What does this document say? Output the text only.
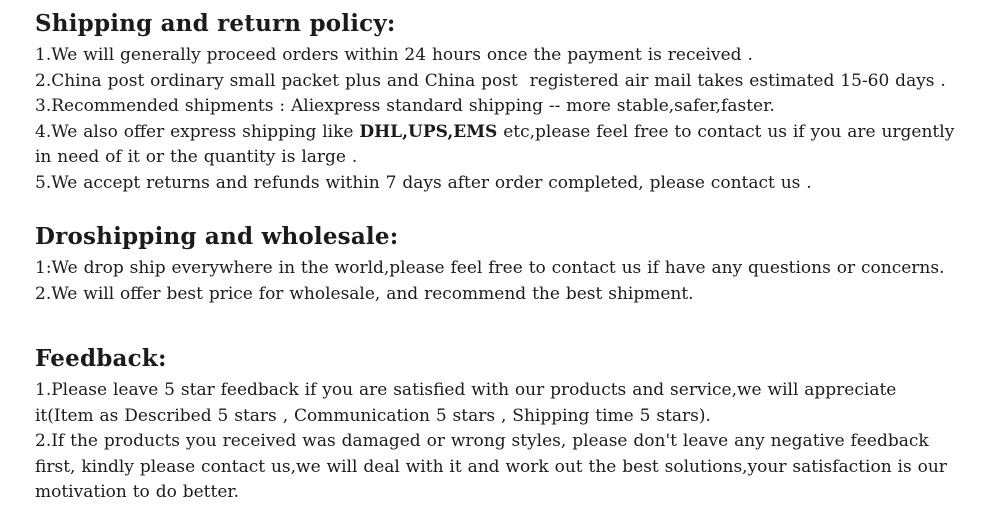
Shipping and return policy:

1.We will generally proceed orders within 24 hours once the payment is received .

2.China post ordinary small packet plus and China post  registered air mail takes estimated 15-60 days .

3.Recommended shipments : Aliexpress standard shipping -- more stable,safer,faster.

4.We also offer express shipping like DHL,UPS,EMS etc,please feel free to contact us if you are urgently in need of it or the quantity is large .

5.We accept returns and refunds within 7 days after order completed, please contact us .

Droshipping and wholesale:

1:We drop ship everywhere in the world,please feel free to contact us if have any questions or concerns.

2.We will offer best price for wholesale, and recommend the best shipment.

Feedback:

1.Please leave 5 star feedback if you are satisfied with our products and service,we will appreciate it(Item as Described 5 stars , Communication 5 stars , Shipping time 5 stars).

2.If the products you received was damaged or wrong styles, please don't leave any negative feedback first, kindly please contact us,we will deal with it and work out the best solutions,your satisfaction is our motivation to do better.
